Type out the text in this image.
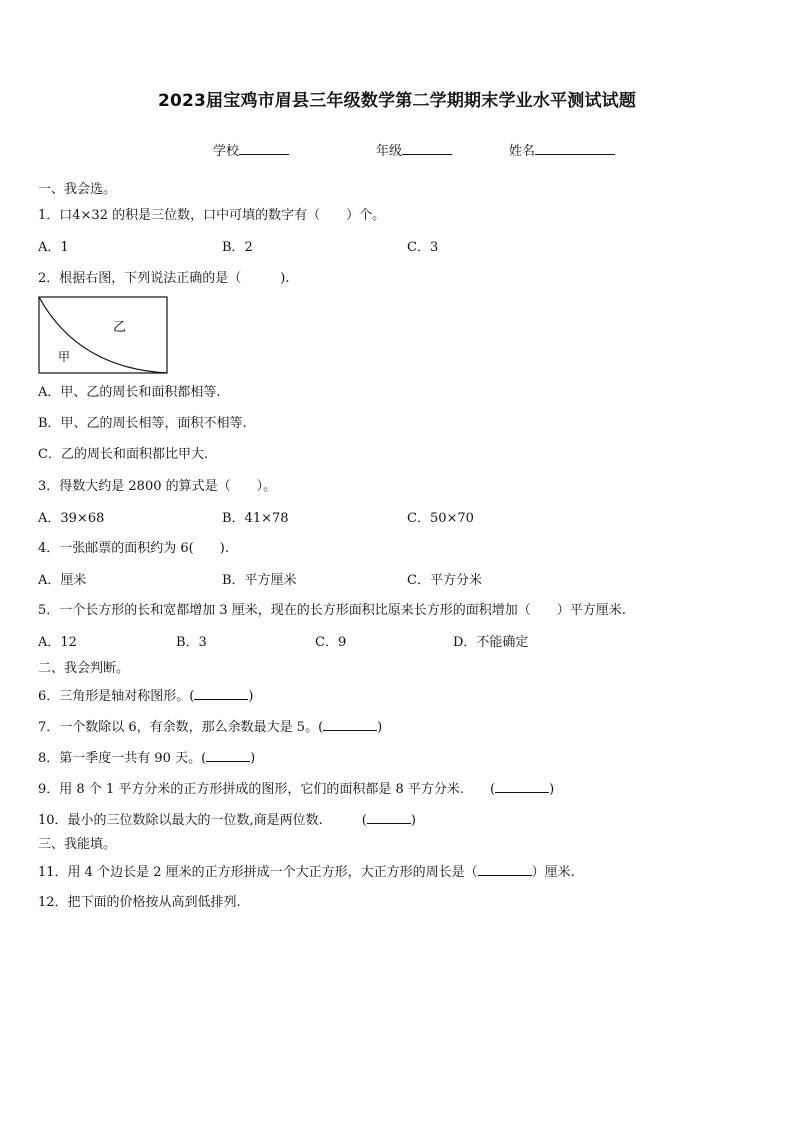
2023届宝鸡市眉县三年级数学第二学期期末学业水平测试试题
学校	年级	姓名
一、我会选。
1．口4×32 的积是三位数，口中可填的数字有（　　）个。
A．1	B．2	C．3
2．根据右图，下列说法正确的是（　　　).
乙
甲
A．甲、乙的周长和面积都相等.
B．甲、乙的周长相等，面积不相等.
C．乙的周长和面积都比甲大.
3．得数大约是 2800 的算式是（　　）。
A．39×68	B．41×78	C．50×70
4．一张邮票的面积约为 6(　　).
A．厘米	B．平方厘米	C．平方分米
5．一个长方形的长和宽都增加 3 厘米，现在的长方形面积比原来长方形的面积增加（　　）平方厘米.
A．12	B．3	C．9	D．不能确定
二、我会判断。
6．三角形是轴对称图形。(	)
7．一个数除以 6，有余数，那么余数最大是 5。(	)
8．第一季度一共有 90 天。(	)
9．用 8 个 1 平方分米的正方形拼成的图形，它们的面积都是 8 平方分米.　　(	)
10．最小的三位数除以最大的一位数,商是两位数.　　　(	)
三、我能填。
11．用 4 个边长是 2 厘米的正方形拼成一个大正方形，大正方形的周长是（	）厘米.
12．把下面的价格按从高到低排列.
